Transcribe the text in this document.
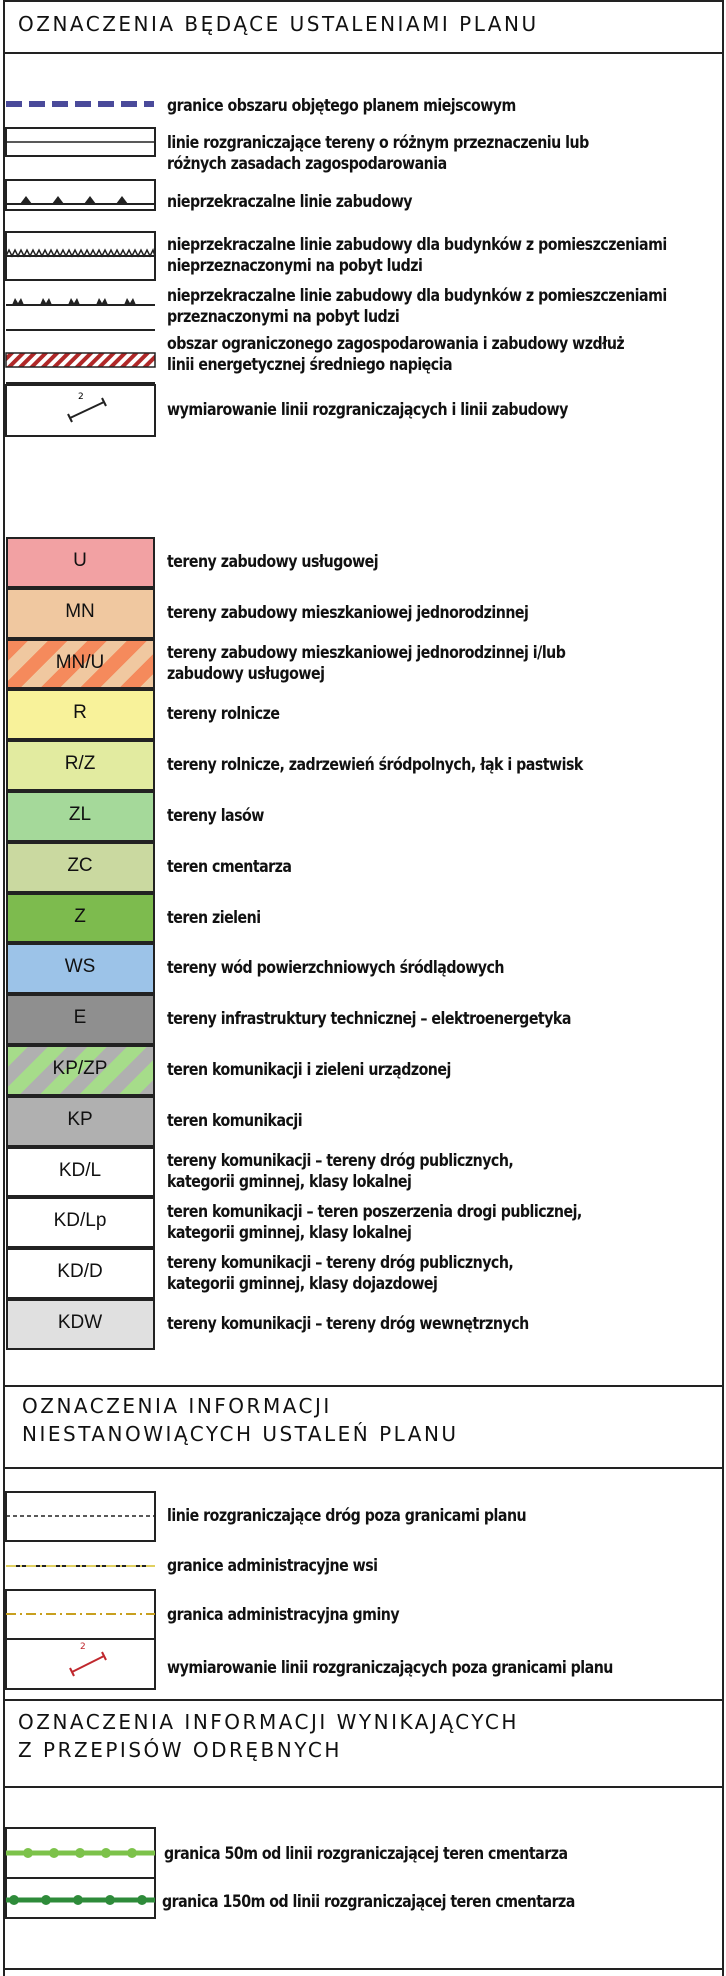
OZNACZENIA BĘDĄCE USTALENIAMI PLANU
2
granice obszaru objętego planem miejscowym
linie rozgraniczające tereny o różnym przeznaczeniu lub
różnych zasadach zagospodarowania
nieprzekraczalne linie zabudowy
nieprzekraczalne linie zabudowy dla budynków z pomieszczeniami
nieprzeznaczonymi na pobyt ludzi
nieprzekraczalne linie zabudowy dla budynków z pomieszczeniami
przeznaczonymi na pobyt ludzi
obszar ograniczonego zagospodarowania i zabudowy wzdłuż
linii energetycznej średniego napięcia
wymiarowanie linii rozgraniczających i linii zabudowy
U	tereny zabudowy usługowej
MN	tereny zabudowy mieszkaniowej jednorodzinnej
MN/U	tereny zabudowy mieszkaniowej jednorodzinnej i/lub
zabudowy usługowej
R	tereny rolnicze
R/Z	tereny rolnicze, zadrzewień śródpolnych, łąk i pastwisk
ZL	tereny lasów
ZC	teren cmentarza
Z	teren zieleni
WS	tereny wód powierzchniowych śródlądowych
E	tereny infrastruktury technicznej – elektroenergetyka
KP/ZP	teren komunikacji i zieleni urządzonej
KP	teren komunikacji
KD/L	tereny komunikacji – tereny dróg publicznych,
kategorii gminnej, klasy lokalnej
KD/Lp	teren komunikacji – teren poszerzenia drogi publicznej,
kategorii gminnej, klasy lokalnej
KD/D	tereny komunikacji – tereny dróg publicznych,
kategorii gminnej, klasy dojazdowej
KDW	tereny komunikacji – tereny dróg wewnętrznych
OZNACZENIA INFORMACJI
NIESTANOWIĄCYCH USTALEŃ PLANU
2
linie rozgraniczające dróg poza granicami planu
granice administracyjne wsi
granica administracyjna gminy
wymiarowanie linii rozgraniczających poza granicami planu
OZNACZENIA INFORMACJI WYNIKAJĄCYCH
Z PRZEPISÓW ODRĘBNYCH
granica 50m od linii rozgraniczającej teren cmentarza
granica 150m od linii rozgraniczającej teren cmentarza
